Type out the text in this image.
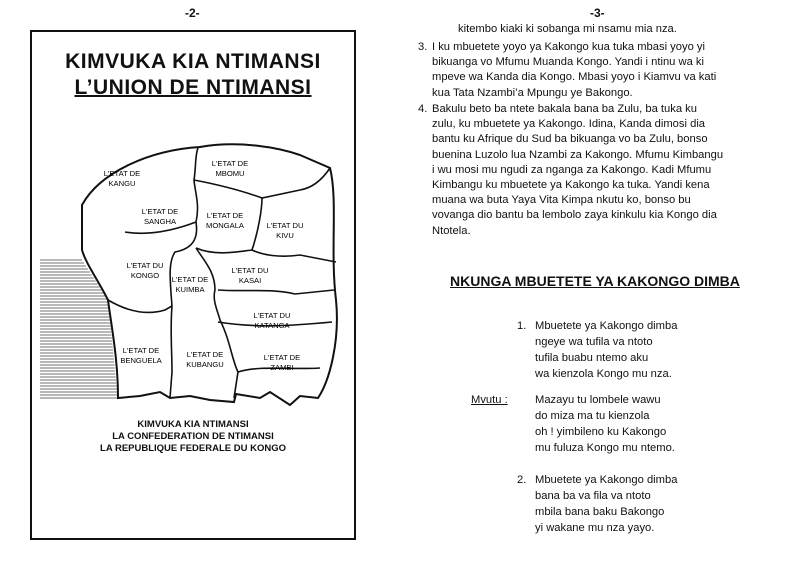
-2-
KIMVUKA KIA NTIMANSI
L’UNION DE NTIMANSI
L'ETAT DE KANGU
L'ETAT DE MBOMU
L'ETAT DE SANGHA
L'ETAT DE MONGALA	L'ETAT DU KIVU
L'ETAT DU KONGO	L'ETAT DE KUIMBA
L'ETAT DU KASAI
L'ETAT DU KATANGA
L'ETAT DE BENGUELA
L'ETAT DE KUBANGU
L'ETAT DE ZAMBI
KIMVUKA KIA NTIMANSI
LA CONFEDERATION DE NTIMANSI
LA REPUBLIQUE FEDERALE DU KONGO
-3-
kitembo kiaki ki sobanga mi nsamu mia nza.
3. I ku mbuetete yoyo ya Kakongo kua tuka mbasi yoyo yi
bikuanga vo Mfumu Muanda Kongo. Yandi i ntinu wa ki
mpeve wa Kanda dia Kongo. Mbasi yoyo i Kiamvu va kati
kua Tata Nzambi’a Mpungu ye Bakongo.
4. Bakulu beto ba ntete bakala bana ba Zulu, ba tuka ku
zulu, ku mbuetete ya Kakongo. Idina, Kanda dimosi dia
bantu ku Afrique du Sud ba bikuanga vo ba Zulu, bonso
buenina Luzolo lua Nzambi za Kakongo. Mfumu Kimbangu
i wu mosi mu ngudi za nganga za Kakongo. Kadi Mfumu
Kimbangu ku mbuetete ya Kakongo ka tuka. Yandi kena
muana wa buta Yaya Vita Kimpa nkutu ko, bonso bu
vovanga dio bantu ba lembolo zaya kinkulu kia Kongo dia
Ntotela.
NKUNGA MBUETETE YA KAKONGO DIMBA
1. Mbuetete ya Kakongo dimba
ngeye wa tufila va ntoto
tufila buabu ntemo aku
wa kienzola Kongo mu nza.
Mvutu : Mazayu tu lombele wawu
do miza ma tu kienzola
oh ! yimbileno ku Kakongo
mu fuluza Kongo mu ntemo.
2. Mbuetete ya Kakongo dimba
bana ba va fila va ntoto
mbila bana baku Bakongo
yi wakane mu nza yayo.
